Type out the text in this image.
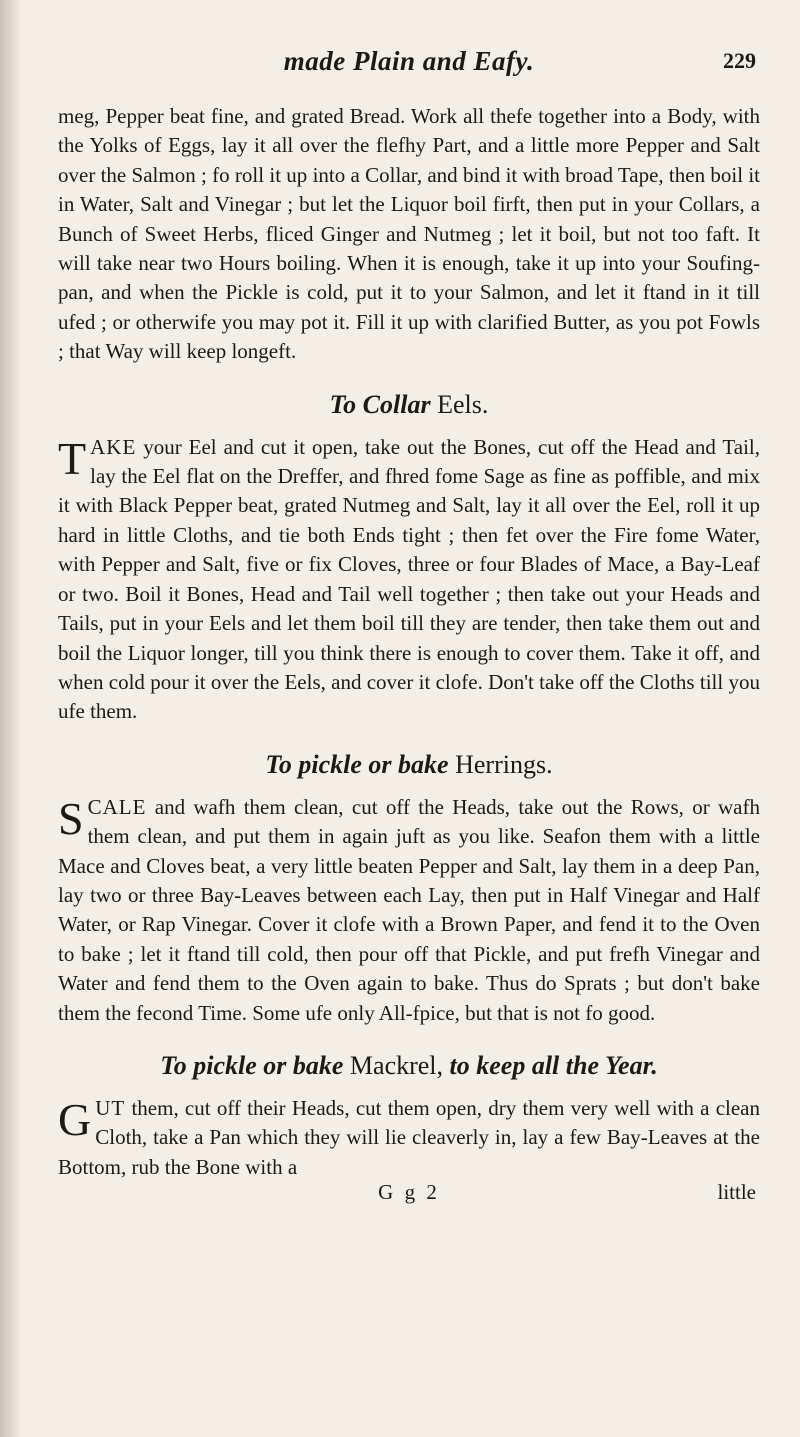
made Plain and Eafy.	229

meg, Pepper beat fine, and grated Bread. Work all thefe together into a Body, with the Yolks of Eggs, lay it all over the flefhy Part, and a little more Pepper and Salt over the Salmon ; fo roll it up into a Collar, and bind it with broad Tape, then boil it in Water, Salt and Vinegar ; but let the Liquor boil firft, then put in your Collars, a Bunch of Sweet Herbs, fliced Ginger and Nutmeg ; let it boil, but not too faft. It will take near two Hours boiling. When it is enough, take it up into your Soufing-pan, and when the Pickle is cold, put it to your Salmon, and let it ftand in it till ufed ; or otherwife you may pot it. Fill it up with clarified Butter, as you pot Fowls ; that Way will keep longeft.

To Collar Eels.

TAKE your Eel and cut it open, take out the Bones, cut off the Head and Tail, lay the Eel flat on the Dreffer, and fhred fome Sage as fine as poffible, and mix it with Black Pepper beat, grated Nutmeg and Salt, lay it all over the Eel, roll it up hard in little Cloths, and tie both Ends tight ; then fet over the Fire fome Water, with Pepper and Salt, five or fix Cloves, three or four Blades of Mace, a Bay-Leaf or two. Boil it Bones, Head and Tail well together ; then take out your Heads and Tails, put in your Eels and let them boil till they are tender, then take them out and boil the Liquor longer, till you think there is enough to cover them. Take it off, and when cold pour it over the Eels, and cover it clofe. Don't take off the Cloths till you ufe them.

To pickle or bake Herrings.

SCALE and wafh them clean, cut off the Heads, take out the Rows, or wafh them clean, and put them in again juft as you like. Seafon them with a little Mace and Cloves beat, a very little beaten Pepper and Salt, lay them in a deep Pan, lay two or three Bay-Leaves between each Lay, then put in Half Vinegar and Half Water, or Rap Vinegar. Cover it clofe with a Brown Paper, and fend it to the Oven to bake ; let it ftand till cold, then pour off that Pickle, and put frefh Vinegar and Water and fend them to the Oven again to bake. Thus do Sprats ; but don't bake them the fecond Time. Some ufe only All-fpice, but that is not fo good.

To pickle or bake Mackrel, to keep all the Year.

GUT them, cut off their Heads, cut them open, dry them very well with a clean Cloth, take a Pan which they will lie cleaverly in, lay a few Bay-Leaves at the Bottom, rub the Bone with a

G g 2	little
